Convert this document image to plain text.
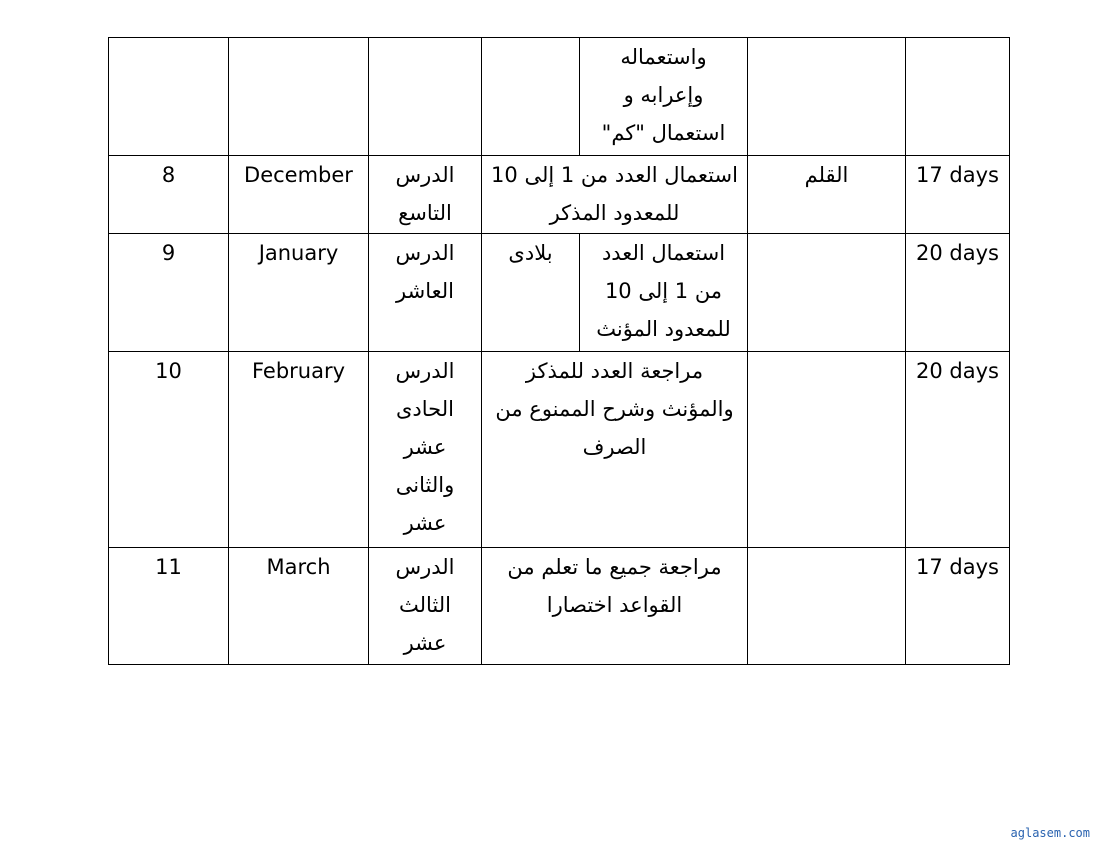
				واستعماله
وإعرابه و
استعمال "كم"		

8	December	الدرس
التاسع	استعمال العدد من 1 إلى 10
للمعدود المذكر		القلم	17 days
9	January	الدرس
العاشر	بلادى	استعمال العدد
من 1 إلى 10
للمعدود المؤنث		20 days
10	February	الدرس
الحادى
عشر
والثانى
عشر	مراجعة العدد للمذكز
والمؤنث وشرح الممنوع من
الصرف			20 days
11	March	الدرس
الثالث
عشر	مراجعة جميع ما تعلم من
القواعد اختصارا			17 days
aglasem.com
